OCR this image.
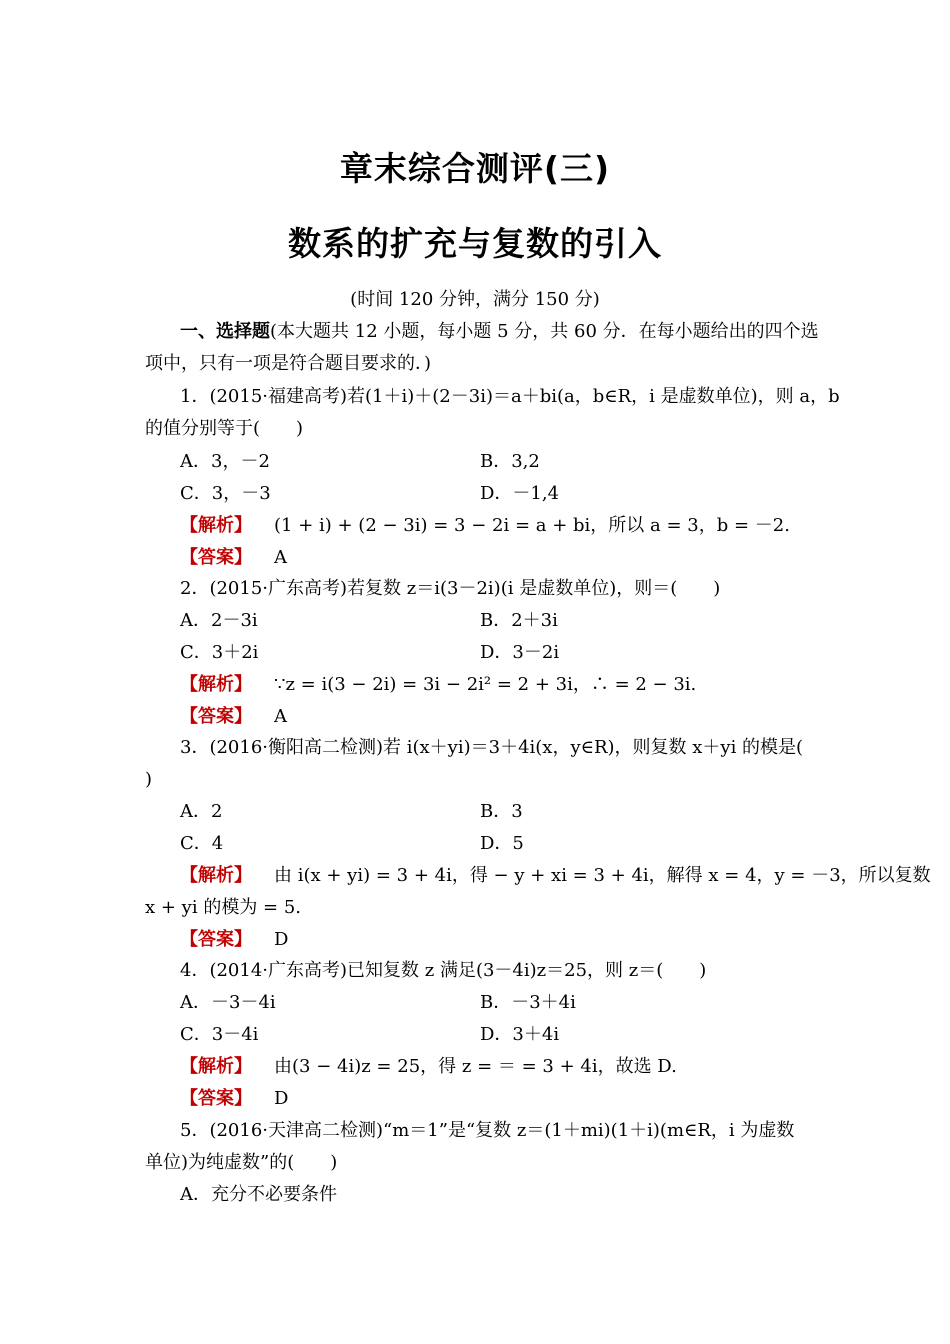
章末综合测评(三)
数系的扩充与复数的引入
(时间 120 分钟，满分 150 分)
一、选择题(本大题共 12 小题，每小题 5 分，共 60 分．在每小题给出的四个选
项中，只有一项是符合题目要求的．)
1．(2015·福建高考)若(1＋i)＋(2－3i)＝a＋bi(a，b∈R，i 是虚数单位)，则 a，b
的值分别等于(　　)
A．3，－2	B．3,2
C．3，－3	D．－1,4
【解析】 (1 + i) + (2 − 3i) = 3 − 2i = a + bi，所以 a = 3，b = －2.
【答案】 A
2．(2015·广东高考)若复数 z＝i(3－2i)(i 是虚数单位)，则＝(　　)
A．2－3i	B．2＋3i
C．3＋2i	D．3－2i
【解析】 ∵z = i(3 − 2i) = 3i − 2i² = 2 + 3i，∴ = 2 − 3i.
【答案】 A
3．(2016·衡阳高二检测)若 i(x＋yi)＝3＋4i(x，y∈R)，则复数 x＋yi 的模是(
)
A．2	B．3
C．4	D．5
【解析】 由 i(x + yi) = 3 + 4i，得 − y + xi = 3 + 4i，解得 x = 4，y = －3，所以复数
x + yi 的模为 = 5.
【答案】 D
4．(2014·广东高考)已知复数 z 满足(3－4i)z＝25，则 z＝(　　)
A．－3－4i	B．－3＋4i
C．3－4i	D．3＋4i
【解析】 由(3 − 4i)z = 25，得 z = ＝ = 3 + 4i，故选 D.
【答案】 D
5．(2016·天津高二检测)“m＝1”是“复数 z＝(1＋mi)(1＋i)(m∈R，i 为虚数
单位)为纯虚数”的(　　)
A．充分不必要条件
